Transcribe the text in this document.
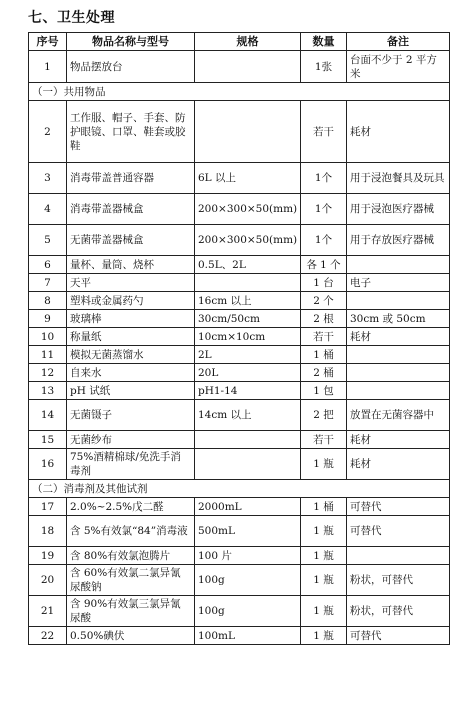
七、卫生处理
序号	物品名称与型号	规格	数量	备注
1	物品摆放台		1张	台面不少于 2 平方米
（一）共用物品				
2	工作服、帽子、手套、防护眼镜、口罩、鞋套或胶鞋		若干	耗材
3	消毒带盖普通容器	6L 以上	1个	用于浸泡餐具及玩具
4	消毒带盖器械盒	200×300×50(mm)	1个	用于浸泡医疗器械
5	无菌带盖器械盒	200×300×50(mm)	1个	用于存放医疗器械
6	量杯、量筒、烧杯	0.5L、2L	各 1 个	
7	天平		1 台	电子
8	塑料或金属药勺	16cm 以上	2 个	
9	玻璃棒	30cm/50cm	2 根	30cm 或 50cm
10	称量纸	10cm×10cm	若干	耗材
11	模拟无菌蒸馏水	2L	1 桶	
12	自来水	20L	2 桶	
13	pH 试纸	pH1-14	1 包	
14	无菌镊子	14cm 以上	2 把	放置在无菌容器中
15	无菌纱布		若干	耗材
16	75%酒精棉球/免洗手消毒剂		1 瓶	耗材
（二）消毒剂及其他试剂				
17	2.0%~2.5%戊二醛	2000mL	1 桶	可替代
18	含 5%有效氯“84”消毒液	500mL	1 瓶	可替代
19	含 80%有效氯泡腾片	100 片	1 瓶	
20	含 60%有效氯二氯异氰尿酸钠	100g	1 瓶	粉状，可替代
21	含 90%有效氯三氯异氰尿酸	100g	1 瓶	粉状，可替代
22	0.50%碘伏	100mL	1 瓶	可替代
